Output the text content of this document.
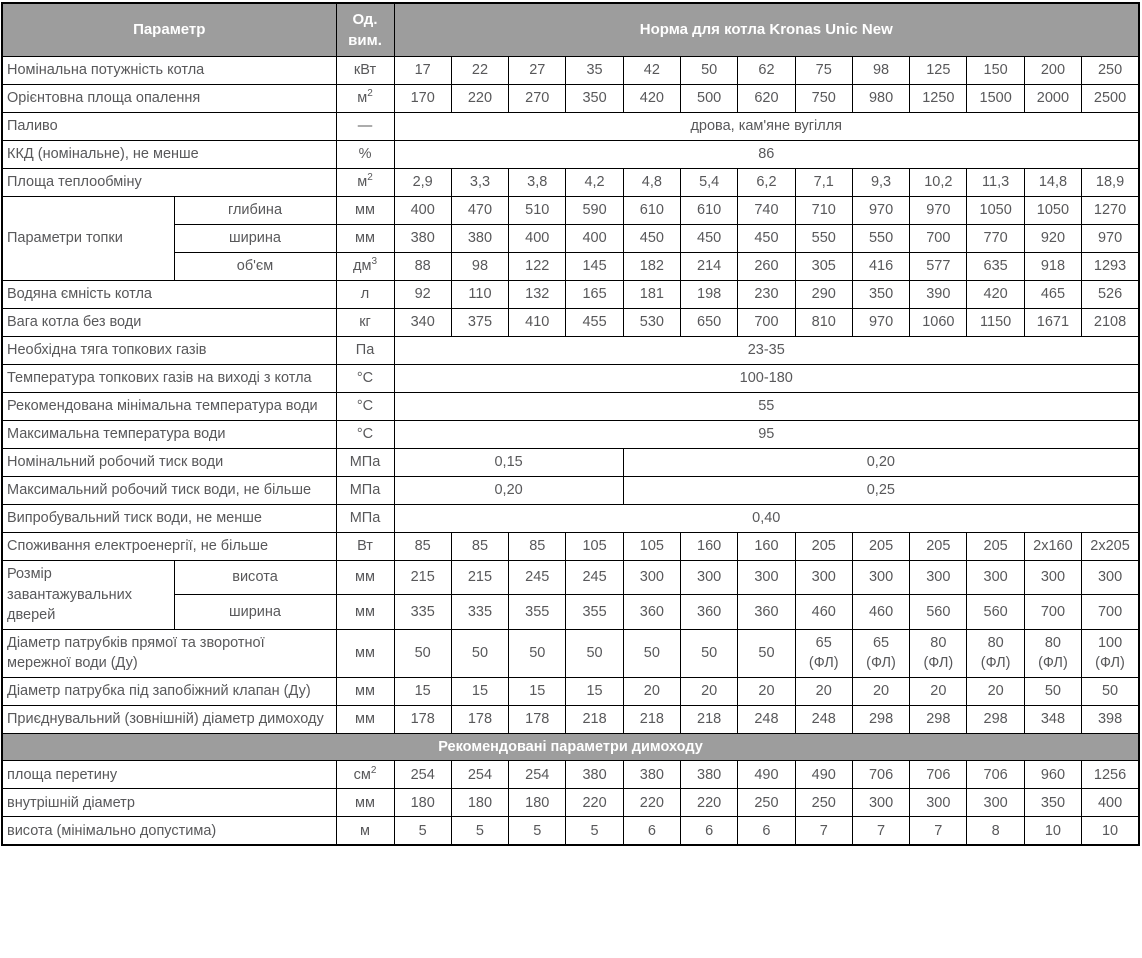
Параметр		Од. вим.	Норма для котла Kronas Unic New												
Номінальна потужність котла		кВт	17	22	27	35	42	50	62	75	98	125	150	200	250
Орієнтовна площа опалення		$м^2$	170	220	270	350	420	500	620	750	980	1250	1500	2000	2500
Паливо		—	дрова, кам'яне вугілля												
ККД (номінальне), не менше		%	86												
Площа теплообміну		$м^2$	2,9	3,3	3,8	4,2	4,8	5,4	6,2	7,1	9,3	10,2	11,3	14,8	18,9
Параметри топки	глибина	мм	400	470	510	590	610	610	740	710	970	970	1050	1050	1270
	ширина	мм	380	380	400	400	450	450	450	550	550	700	770	920	970
	об'єм	$дм^3$	88	98	122	145	182	214	260	305	416	577	635	918	1293
Водяна ємність котла		л	92	110	132	165	181	198	230	290	350	390	420	465	526
Вага котла без води		кг	340	375	410	455	530	650	700	810	970	1060	1150	1671	2108
Необхідна тяга топкових газів		Па	23-35												
Температура топкових газів на виході з котла		°С	100-180												
Рекомендована мінімальна температура води		°С	55												
Максимальна температура води		°С	95												
Номінальний робочий тиск води		МПа	0,15				0,20								
Максимальний робочий тиск води, не більше		МПа	0,20				0,25								
Випробувальний тиск води, не менше		МПа	0,40												
Споживання електроенергії, не більше		Вт	85	85	85	105	105	160	160	205	205	205	205	2x160	2x205
Розмір завантажувальних дверей	висота	мм	215	215	245	245	300	300	300	300	300	300	300	300	300
	ширина	мм	335	335	355	355	360	360	360	460	460	560	560	700	700
Діаметр патрубків прямої та зворотної мережної води (Ду)		мм	50	50	50	50	50	50	50	65 (ФЛ)	65 (ФЛ)	80 (ФЛ)	80 (ФЛ)	80 (ФЛ)	100 (ФЛ)
Діаметр патрубка під запобіжний клапан (Ду)		мм	15	15	15	15	20	20	20	20	20	20	20	50	50
Приєднувальний (зовнішній) діаметр димоходу		мм	178	178	178	218	218	218	248	248	298	298	298	348	398
Рекомендовані параметри димоходу															
площа перетину		$см^2$	254	254	254	380	380	380	490	490	706	706	706	960	1256
внутрішній діаметр		мм	180	180	180	220	220	220	250	250	300	300	300	350	400
висота (мінімально допустима)		м	5	5	5	5	6	6	6	7	7	7	8	10	10
